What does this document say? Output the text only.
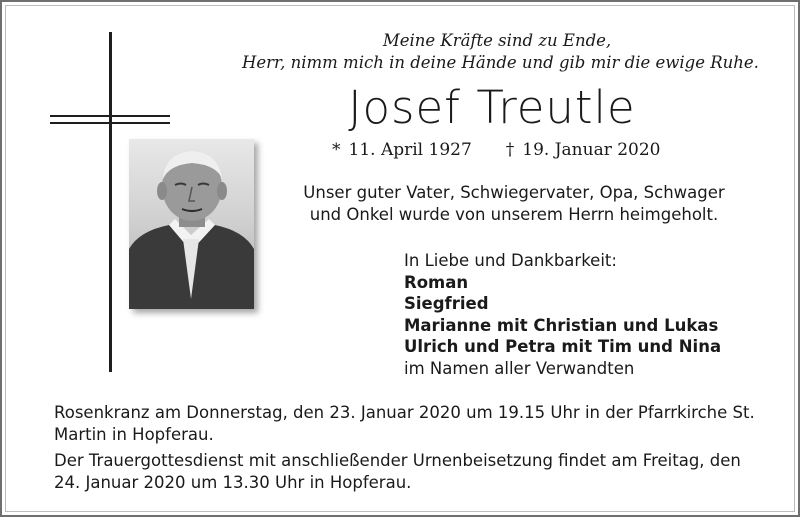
Meine Kräfte sind zu Ende,
Herr, nimm mich in deine Hände und gib mir die ewige Ruhe.
Josef Treutle
* 11. April 1927 † 19. Januar 2020
Unser guter Vater, Schwiegervater, Opa, Schwager
und Onkel wurde von unserem Herrn heimgeholt.
In Liebe und Dankbarkeit:
Roman
Siegfried
Marianne mit Christian und Lukas
Ulrich und Petra mit Tim und Nina
im Namen aller Verwandten

Rosenkranz am Donnerstag, den 23. Januar 2020 um 19.15 Uhr in der Pfarrkirche St. Martin in Hopferau.

Der Trauergottesdienst mit anschließender Urnenbeisetzung findet am Freitag, den 24. Januar 2020 um 13.30 Uhr in Hopferau.
